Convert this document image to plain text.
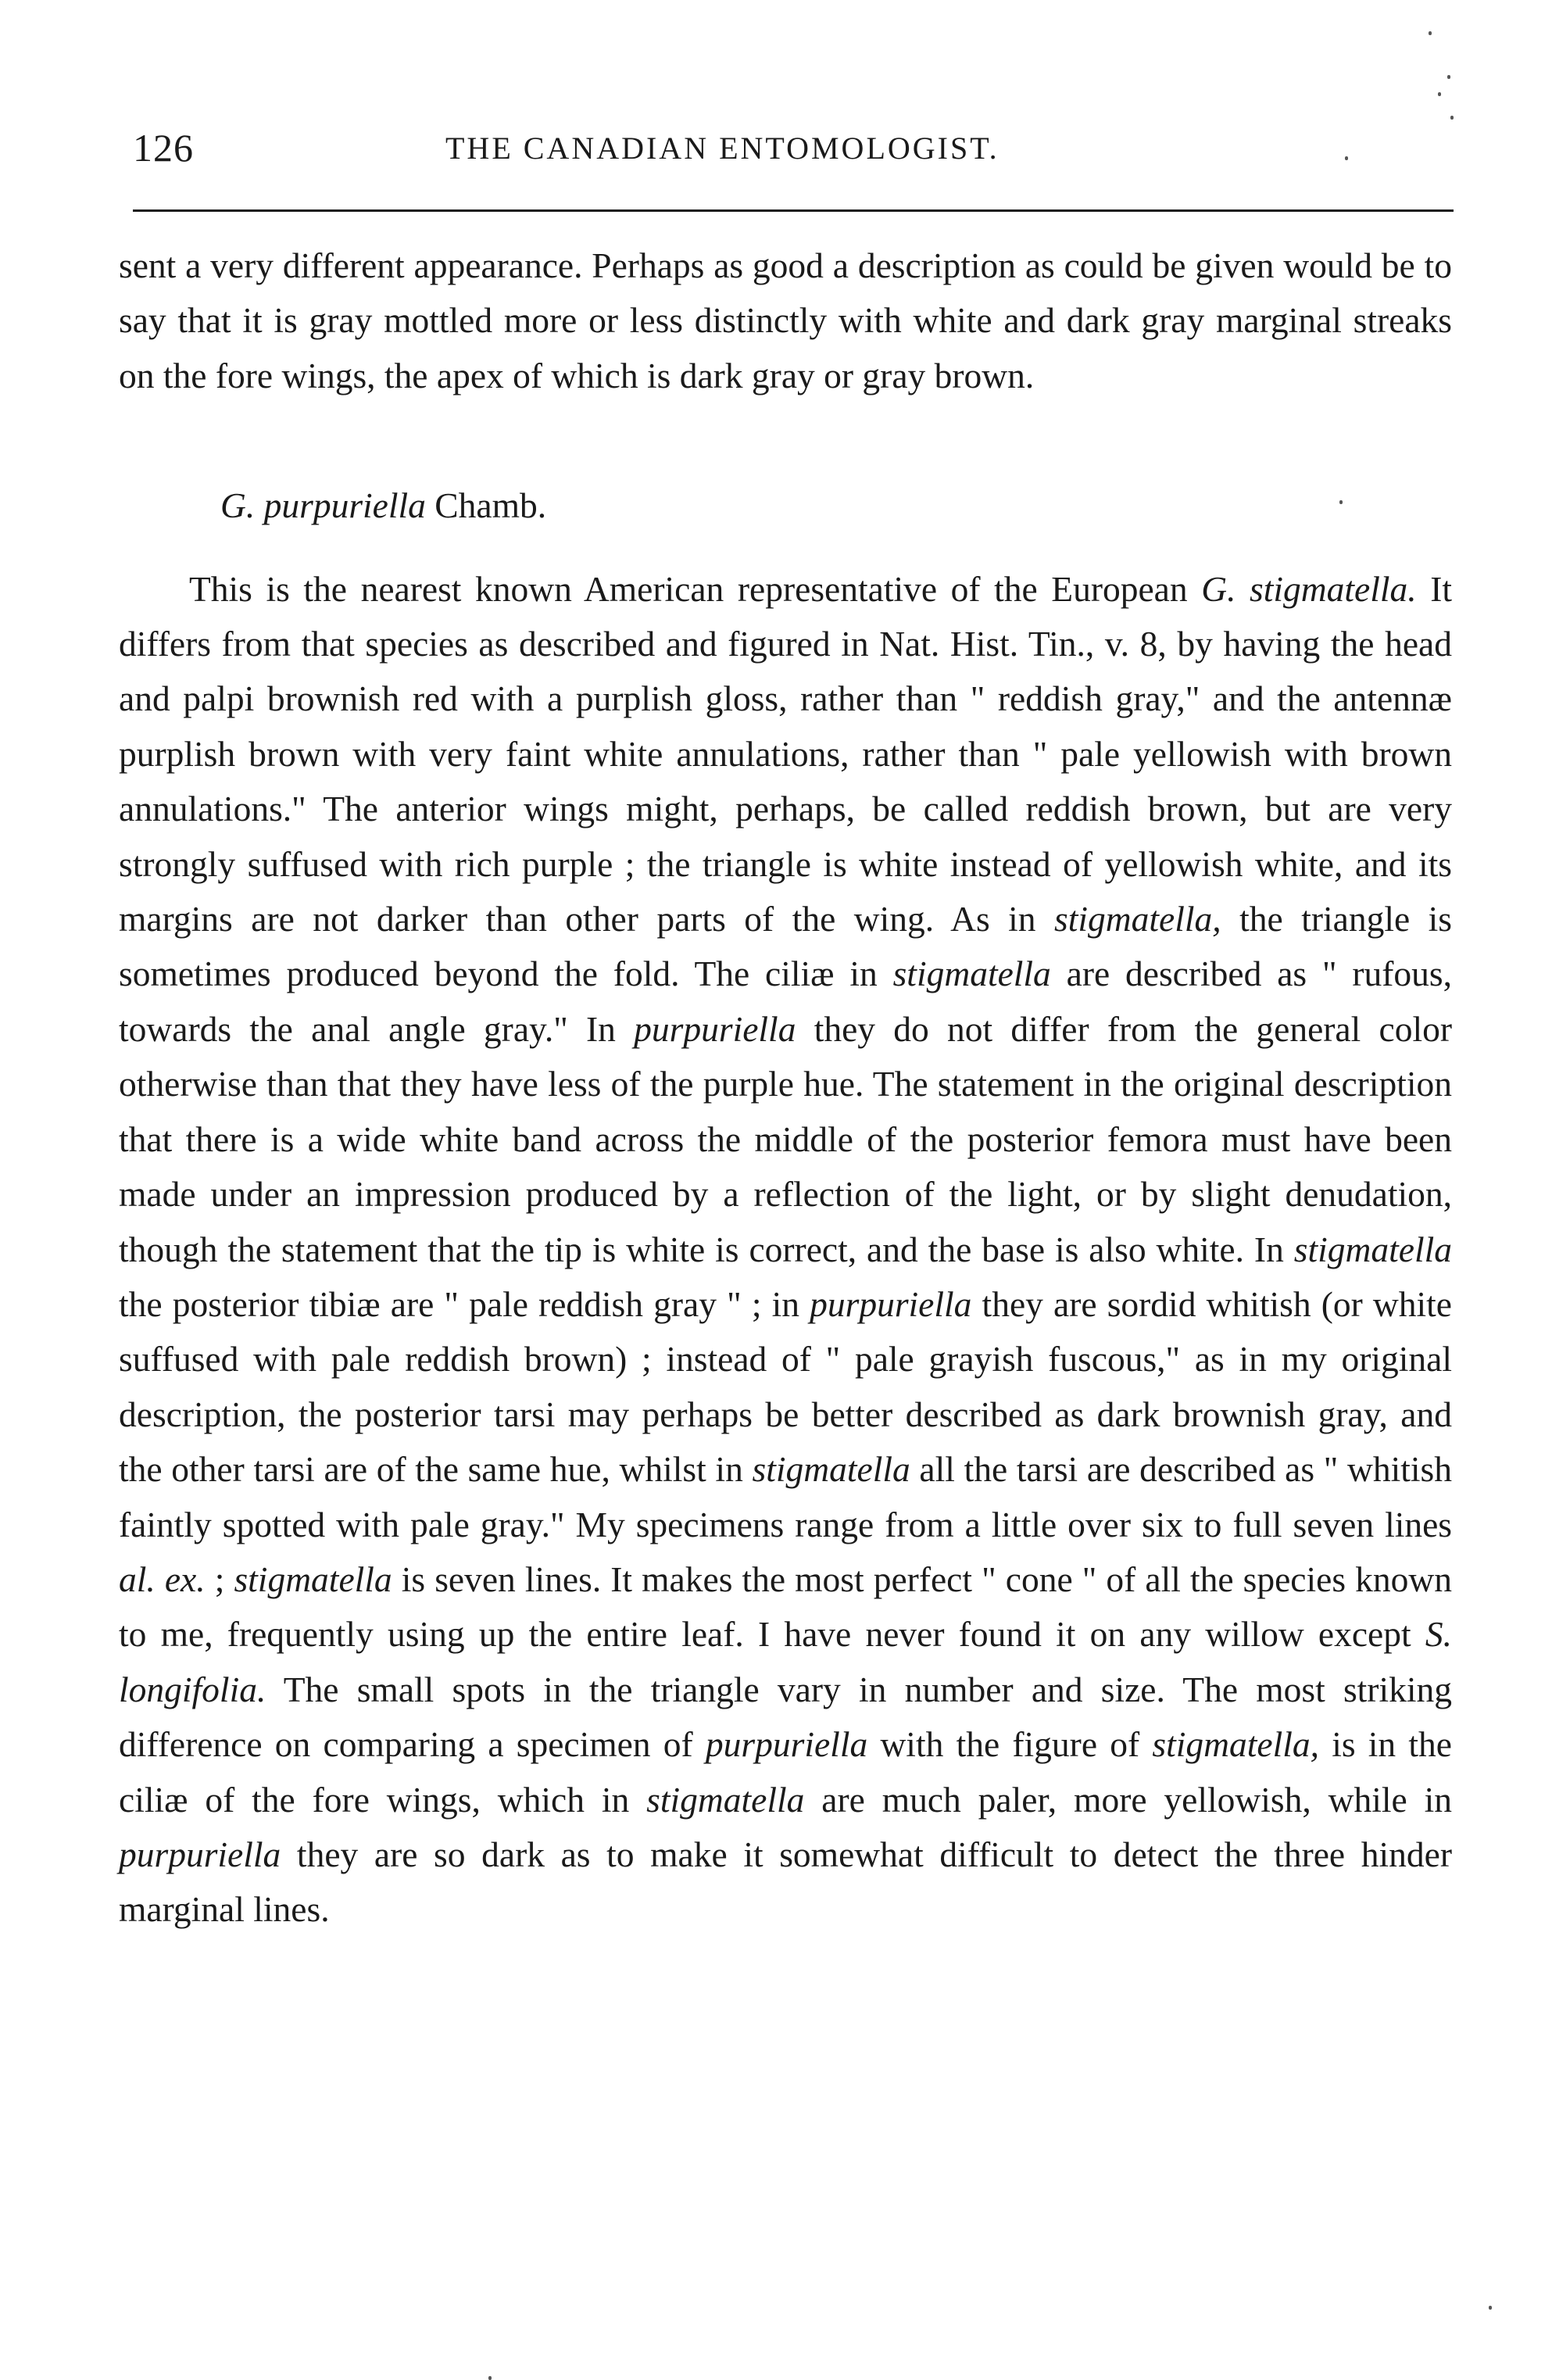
126	THE CANADIAN ENTOMOLOGIST.

sent a very different appearance. Perhaps as good a description as could be given would be to say that it is gray mottled more or less distinctly with white and dark gray marginal streaks on the fore wings, the apex of which is dark gray or gray brown.

G. purpuriella Chamb.

This is the nearest known American representative of the European G. stigmatella. It differs from that species as described and figured in Nat. Hist. Tin., v. 8, by having the head and palpi brownish red with a purplish gloss, rather than " reddish gray," and the antennæ purplish brown with very faint white annulations, rather than " pale yellowish with brown annulations." The anterior wings might, perhaps, be called reddish brown, but are very strongly suffused with rich purple ; the triangle is white instead of yellowish white, and its margins are not darker than other parts of the wing. As in stigmatella, the triangle is sometimes produced beyond the fold. The ciliæ in stigmatella are described as " rufous, towards the anal angle gray." In purpuriella they do not differ from the general color otherwise than that they have less of the purple hue. The statement in the original description that there is a wide white band across the middle of the posterior femora must have been made under an impression produced by a reflection of the light, or by slight denudation, though the statement that the tip is white is correct, and the base is also white. In stigmatella the posterior tibiæ are " pale reddish gray " ; in purpuriella they are sordid whitish (or white suffused with pale reddish brown) ; instead of " pale grayish fuscous," as in my original description, the posterior tarsi may perhaps be better described as dark brownish gray, and the other tarsi are of the same hue, whilst in stigmatella all the tarsi are described as " whitish faintly spotted with pale gray." My specimens range from a little over six to full seven lines al. ex. ; stigmatella is seven lines. It makes the most perfect " cone " of all the species known to me, frequently using up the entire leaf. I have never found it on any willow except S. longifolia. The small spots in the triangle vary in number and size. The most striking difference on comparing a specimen of purpuriella with the figure of stigmatella, is in the ciliæ of the fore wings, which in stigmatella are much paler, more yellowish, while in purpuriella they are so dark as to make it somewhat difficult to detect the three hinder marginal lines.
